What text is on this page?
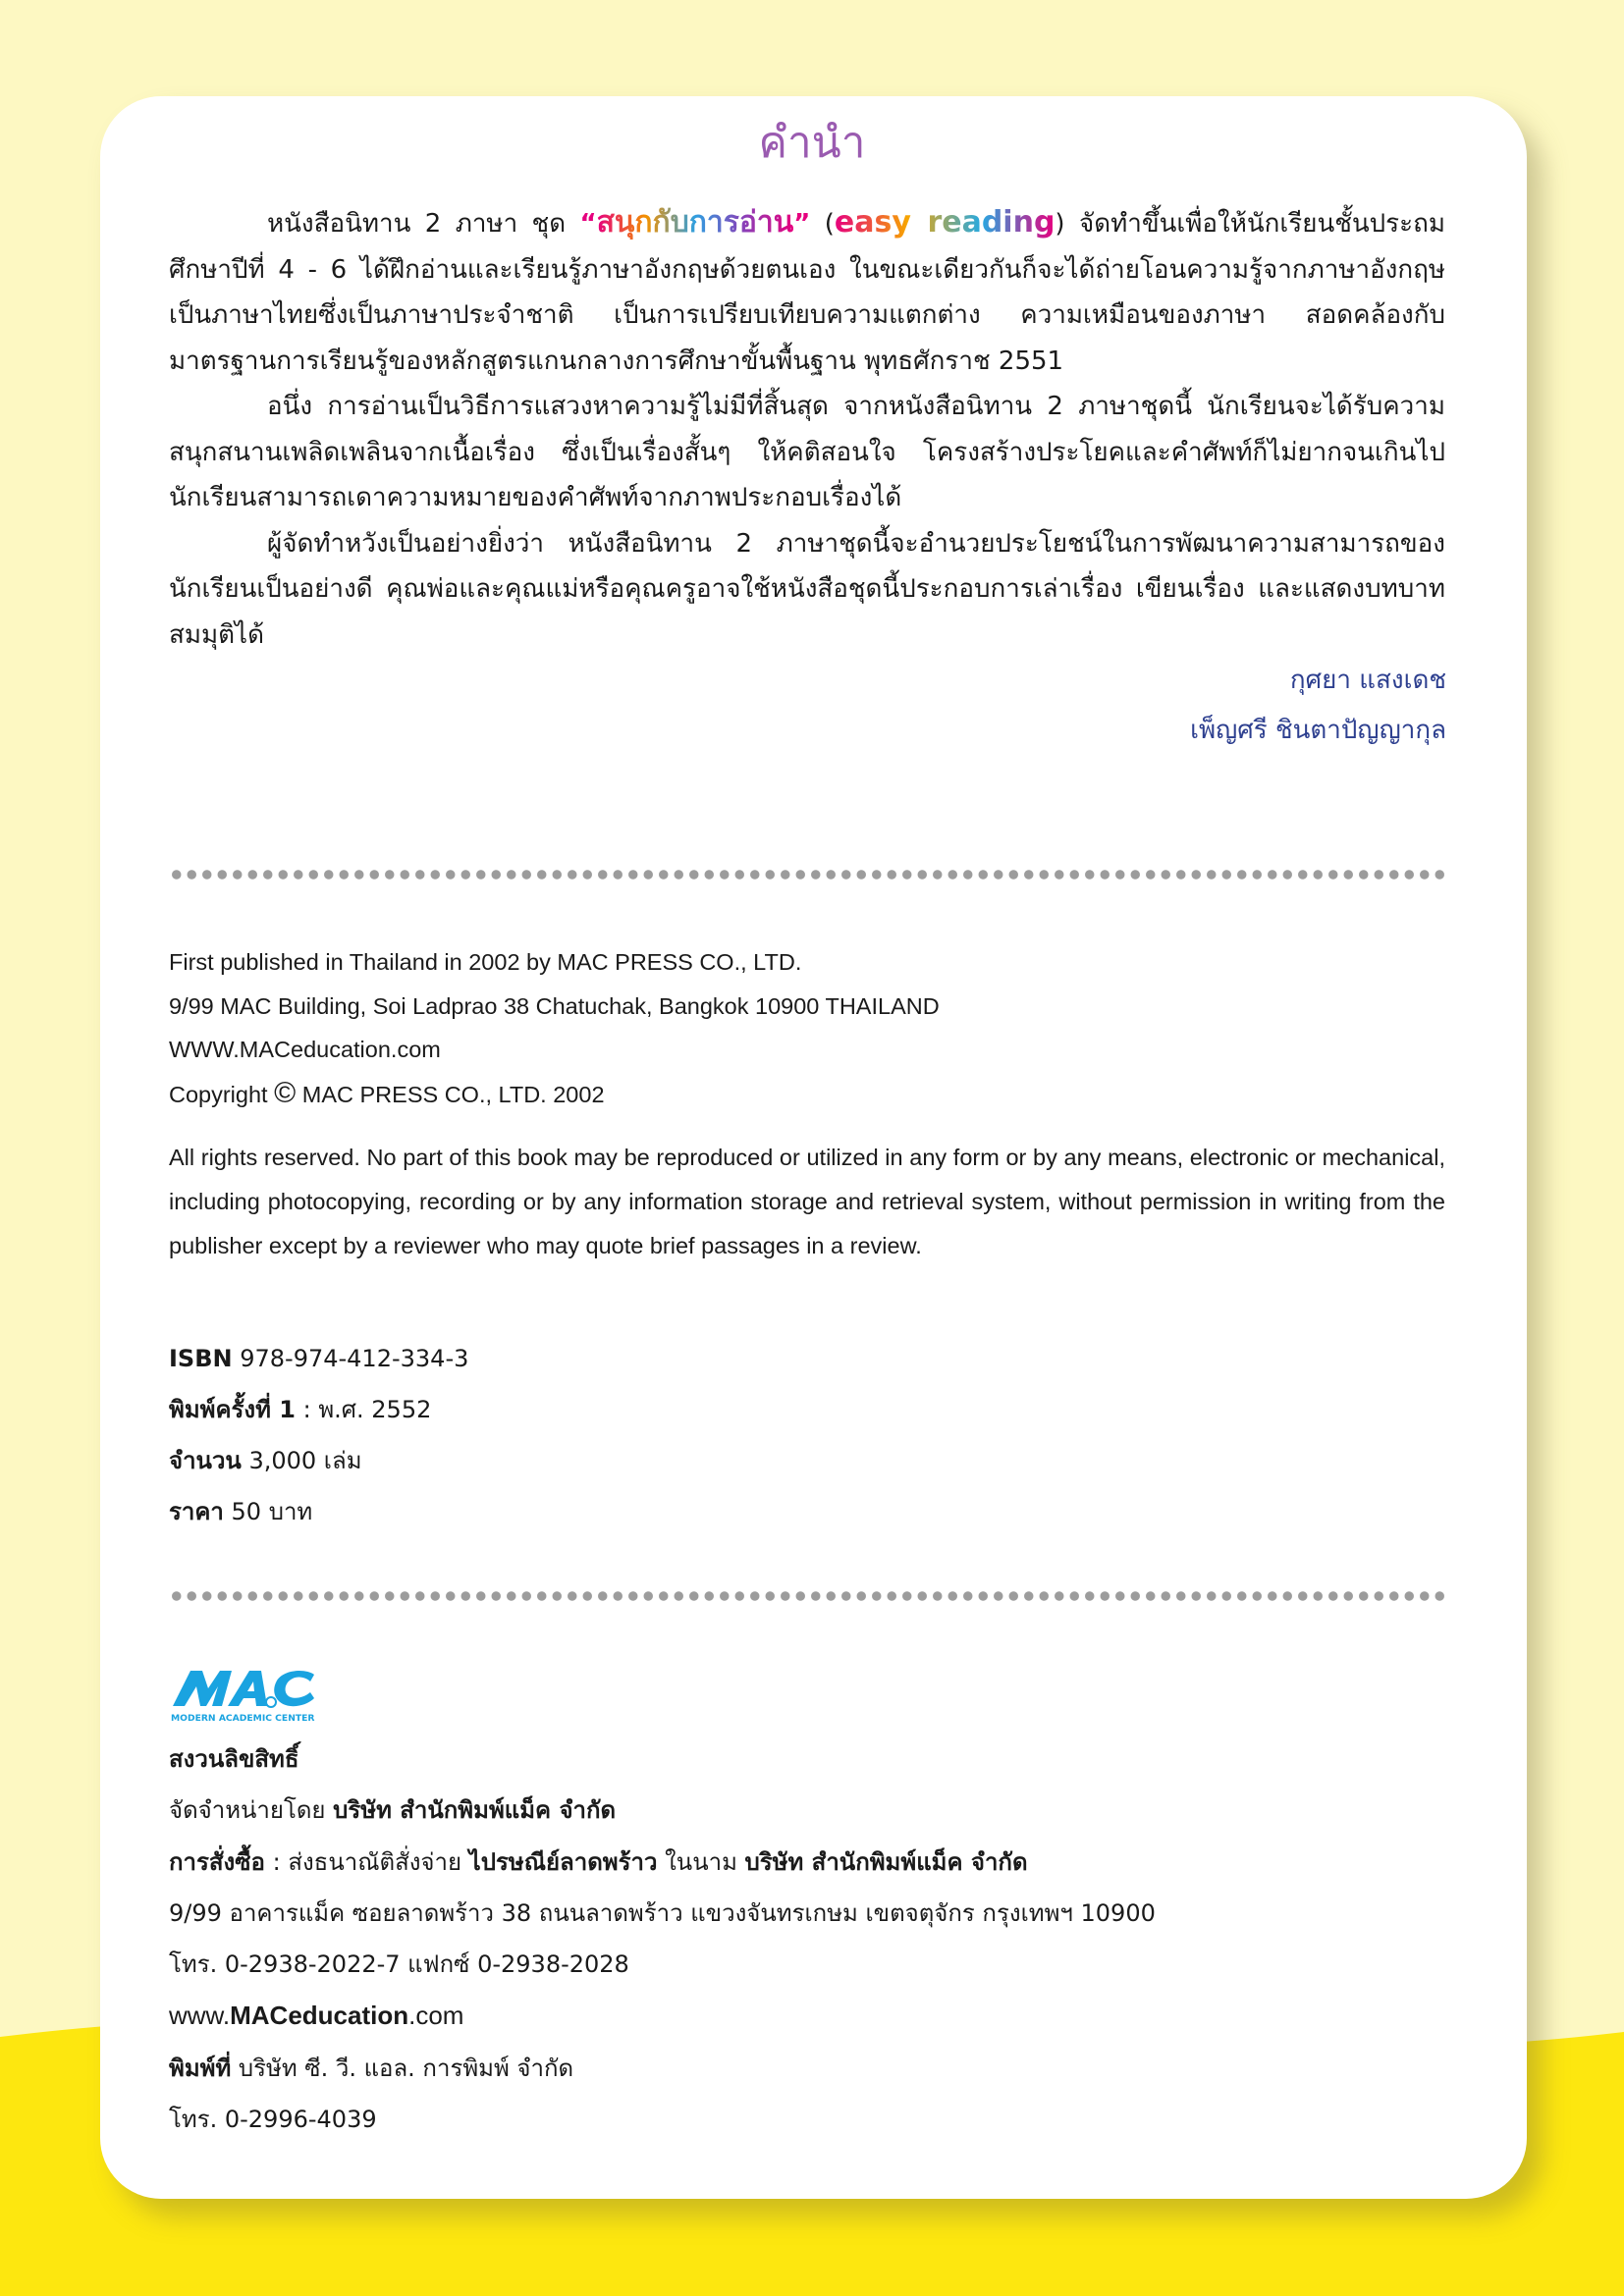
คำนำ

หนังสือนิทาน 2 ภาษา ชุด “สนุกกับการอ่าน” (easy reading) จัดทำขึ้นเพื่อให้นักเรียนชั้นประถมศึกษาปีที่ 4 - 6 ได้ฝึกอ่านและเรียนรู้ภาษาอังกฤษด้วยตนเอง ในขณะเดียวกันก็จะได้ถ่ายโอนความรู้จากภาษาอังกฤษเป็นภาษาไทยซึ่งเป็นภาษาประจำชาติ เป็นการเปรียบเทียบความแตกต่าง ความเหมือนของภาษา สอดคล้องกับมาตรฐานการเรียนรู้ของหลักสูตรแกนกลางการศึกษาขั้นพื้นฐาน พุทธศักราช 2551

อนึ่ง การอ่านเป็นวิธีการแสวงหาความรู้ไม่มีที่สิ้นสุด จากหนังสือนิทาน 2 ภาษาชุดนี้ นักเรียนจะได้รับความสนุกสนานเพลิดเพลินจากเนื้อเรื่อง ซึ่งเป็นเรื่องสั้นๆ ให้คติสอนใจ โครงสร้างประโยคและคำศัพท์ก็ไม่ยากจนเกินไป นักเรียนสามารถเดาความหมายของคำศัพท์จากภาพประกอบเรื่องได้

ผู้จัดทำหวังเป็นอย่างยิ่งว่า หนังสือนิทาน 2 ภาษาชุดนี้จะอำนวยประโยชน์ในการพัฒนาความสามารถของนักเรียนเป็นอย่างดี คุณพ่อและคุณแม่หรือคุณครูอาจใช้หนังสือชุดนี้ประกอบการเล่าเรื่อง เขียนเรื่อง และแสดงบทบาทสมมุติได้

กุศยา แสงเดช
เพ็ญศรี ชินตาปัญญากุล
First published in Thailand in 2002 by MAC PRESS CO., LTD.
9/99 MAC Building, Soi Ladprao 38 Chatuchak, Bangkok 10900 THAILAND
WWW.MACeducation.com
Copyright © MAC PRESS CO., LTD. 2002
All rights reserved. No part of this book may be reproduced or utilized in any form or by any means, electronic or mechanical, including photocopying, recording or by any information storage and retrieval system, without permission in writing from the publisher except by a reviewer who may quote brief passages in a review.
ISBN 978-974-412-334-3
พิมพ์ครั้งที่ 1 : พ.ศ. 2552
จำนวน 3,000 เล่ม
ราคา 50 บาท
MODERN ACADEMIC CENTER
สงวนลิขสิทธิ์
จัดจำหน่ายโดย บริษัท สำนักพิมพ์แม็ค จำกัด
การสั่งซื้อ : ส่งธนาณัติสั่งจ่าย ไปรษณีย์ลาดพร้าว ในนาม บริษัท สำนักพิมพ์แม็ค จำกัด
9/99 อาคารแม็ค ซอยลาดพร้าว 38 ถนนลาดพร้าว แขวงจันทรเกษม เขตจตุจักร กรุงเทพฯ 10900
โทร. 0-2938-2022-7 แฟกซ์ 0-2938-2028
www.MACeducation.com
พิมพ์ที่ บริษัท ซี. วี. แอล. การพิมพ์ จำกัด
โทร. 0-2996-4039
